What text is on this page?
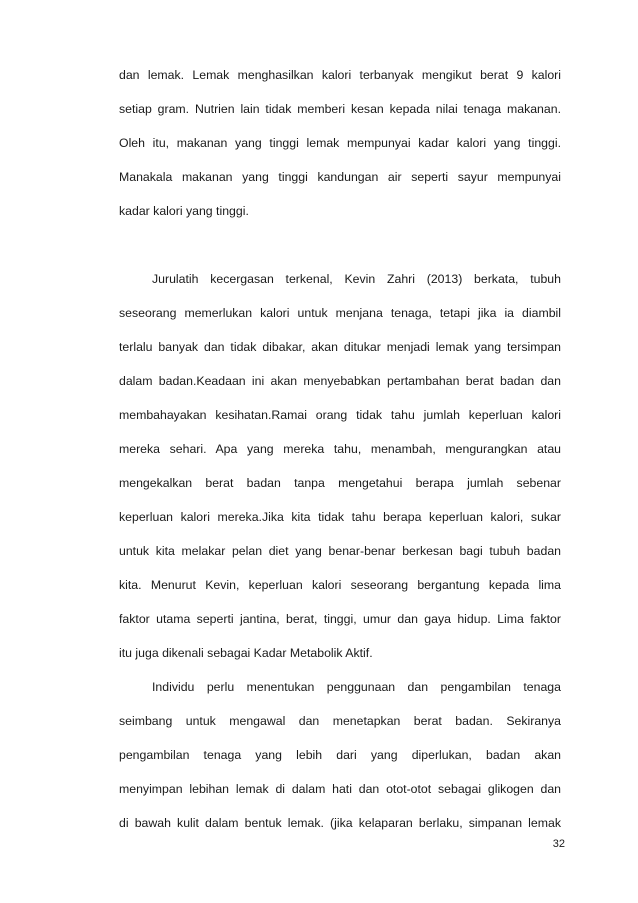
dan lemak. Lemak menghasilkan kalori terbanyak mengikut berat 9 kalori
setiap gram. Nutrien lain tidak memberi kesan kepada nilai tenaga makanan.
Oleh itu, makanan yang tinggi lemak mempunyai kadar kalori yang tinggi.
Manakala makanan yang tinggi kandungan air seperti sayur mempunyai
kadar kalori yang tinggi.
Jurulatih kecergasan terkenal, Kevin Zahri (2013) berkata, tubuh
seseorang memerlukan kalori untuk menjana tenaga, tetapi jika ia diambil
terlalu banyak dan tidak dibakar, akan ditukar menjadi lemak yang tersimpan
dalam badan.Keadaan ini akan menyebabkan pertambahan berat badan dan
membahayakan kesihatan.Ramai orang tidak tahu jumlah keperluan kalori
mereka sehari. Apa yang mereka tahu, menambah, mengurangkan atau
mengekalkan berat badan tanpa mengetahui berapa jumlah sebenar
keperluan kalori mereka.Jika kita tidak tahu berapa keperluan kalori, sukar
untuk kita melakar pelan diet yang benar-benar berkesan bagi tubuh badan
kita. Menurut Kevin, keperluan kalori seseorang bergantung kepada lima
faktor utama seperti jantina, berat, tinggi, umur dan gaya hidup. Lima faktor
itu juga dikenali sebagai Kadar Metabolik Aktif.
Individu perlu menentukan penggunaan dan pengambilan tenaga
seimbang untuk mengawal dan menetapkan berat badan. Sekiranya
pengambilan tenaga yang lebih dari yang diperlukan, badan akan
menyimpan lebihan lemak di dalam hati dan otot-otot sebagai glikogen dan
di bawah kulit dalam bentuk lemak. (jika kelaparan berlaku, simpanan lemak
32
